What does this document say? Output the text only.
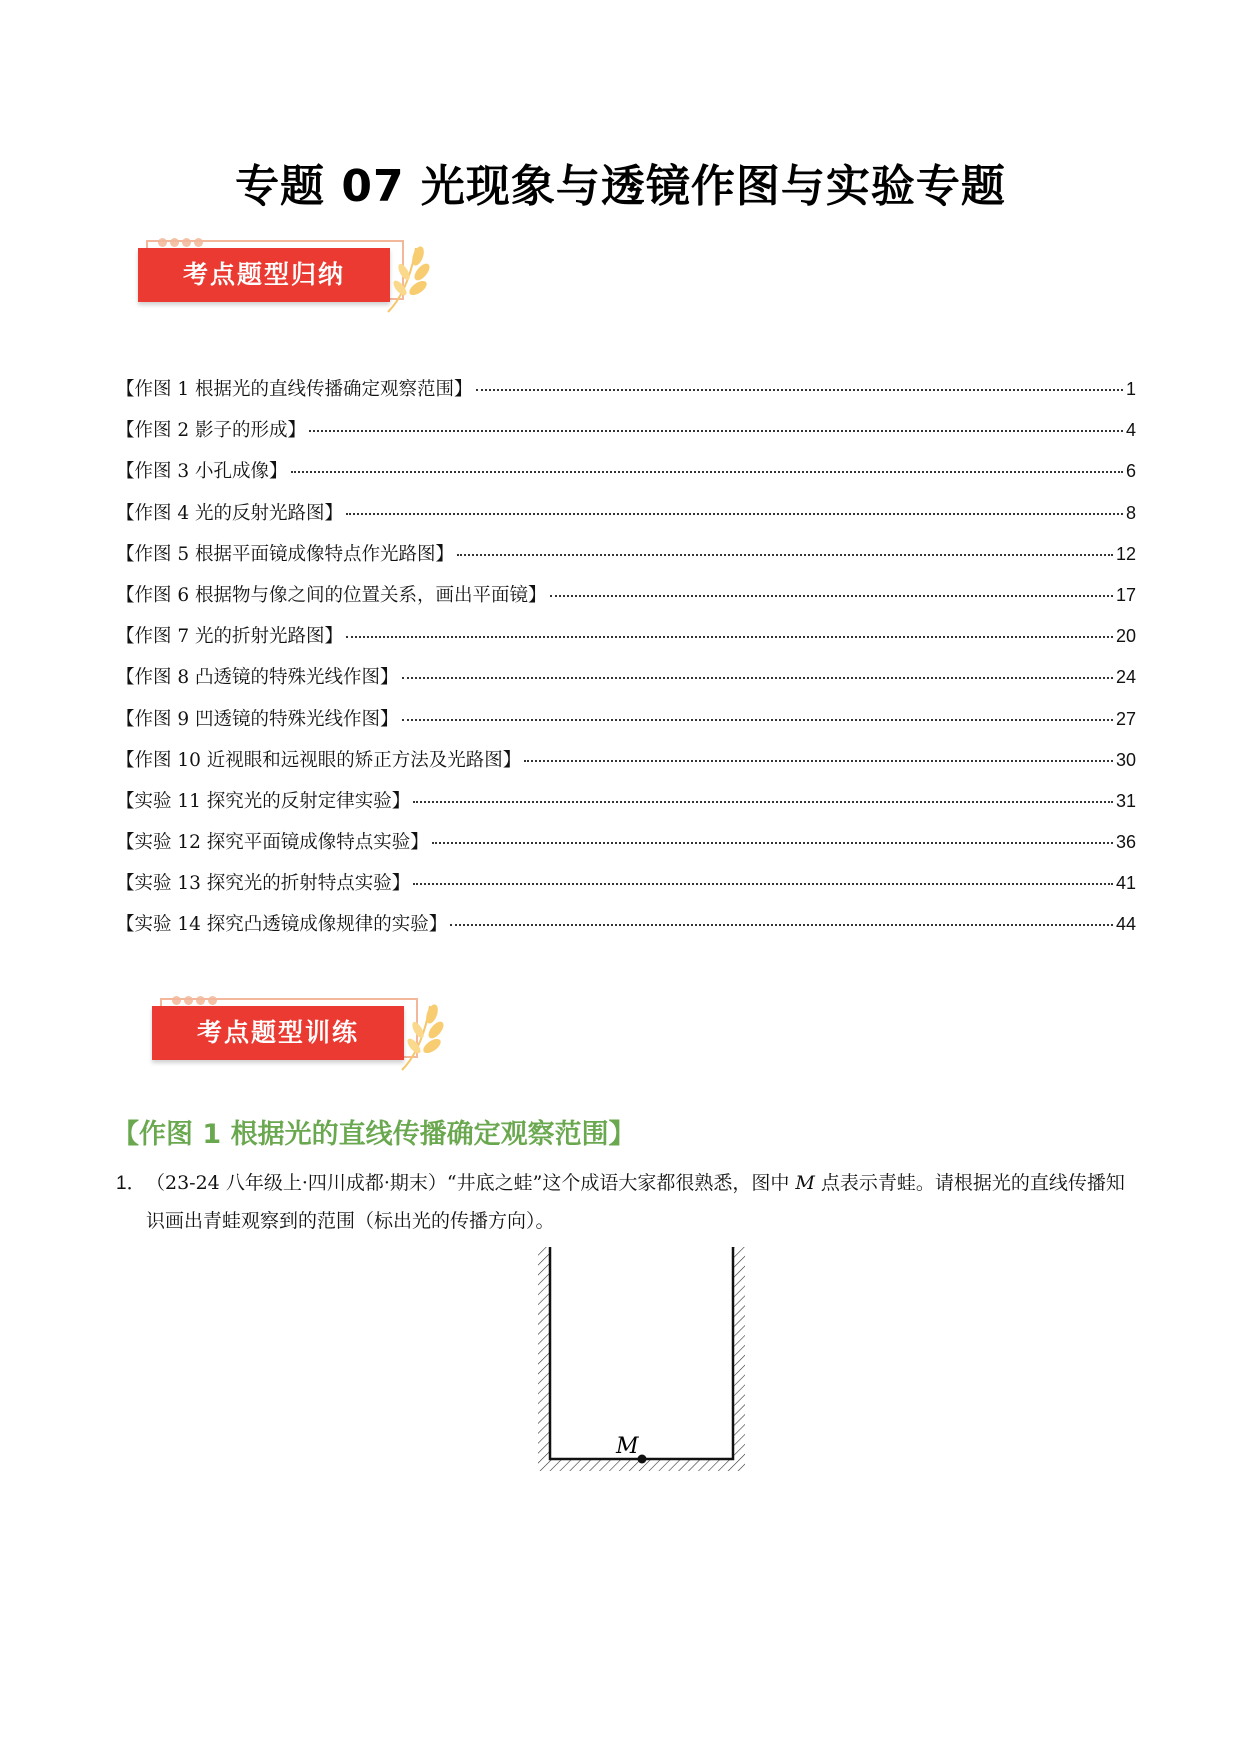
专题 07 光现象与透镜作图与实验专题
考点题型归纳
【作图 1 根据光的直线传播确定观察范围】	1
【作图 2 影子的形成】	4
【作图 3 小孔成像】	6
【作图 4 光的反射光路图】	8
【作图 5 根据平面镜成像特点作光路图】	12
【作图 6 根据物与像之间的位置关系，画出平面镜】	17
【作图 7 光的折射光路图】	20
【作图 8 凸透镜的特殊光线作图】	24
【作图 9 凹透镜的特殊光线作图】	27
【作图 10 近视眼和远视眼的矫正方法及光路图】	30
【实验 11 探究光的反射定律实验】	31
【实验 12 探究平面镜成像特点实验】	36
【实验 13 探究光的折射特点实验】	41
【实验 14 探究凸透镜成像规律的实验】	44
考点题型训练
【作图 1 根据光的直线传播确定观察范围】
1． （23-24 八年级上·四川成都·期末）“井底之蛙”这个成语大家都很熟悉，图中 M 点表示青蛙。请根据光的直线传播知识画出青蛙观察到的范围（标出光的传播方向）。
M
